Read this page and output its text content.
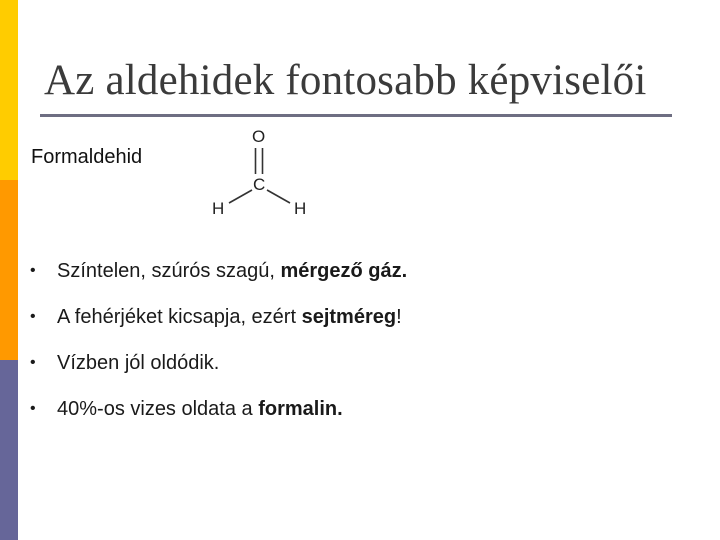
Az aldehidek fontosabb képviselői
Formaldehid
O
C
H	H
• Színtelen, szúrós szagú, mérgező gáz.
• A fehérjéket kicsapja, ezért sejtméreg!
• Vízben jól oldódik.
• 40%-os vizes oldata a formalin.
